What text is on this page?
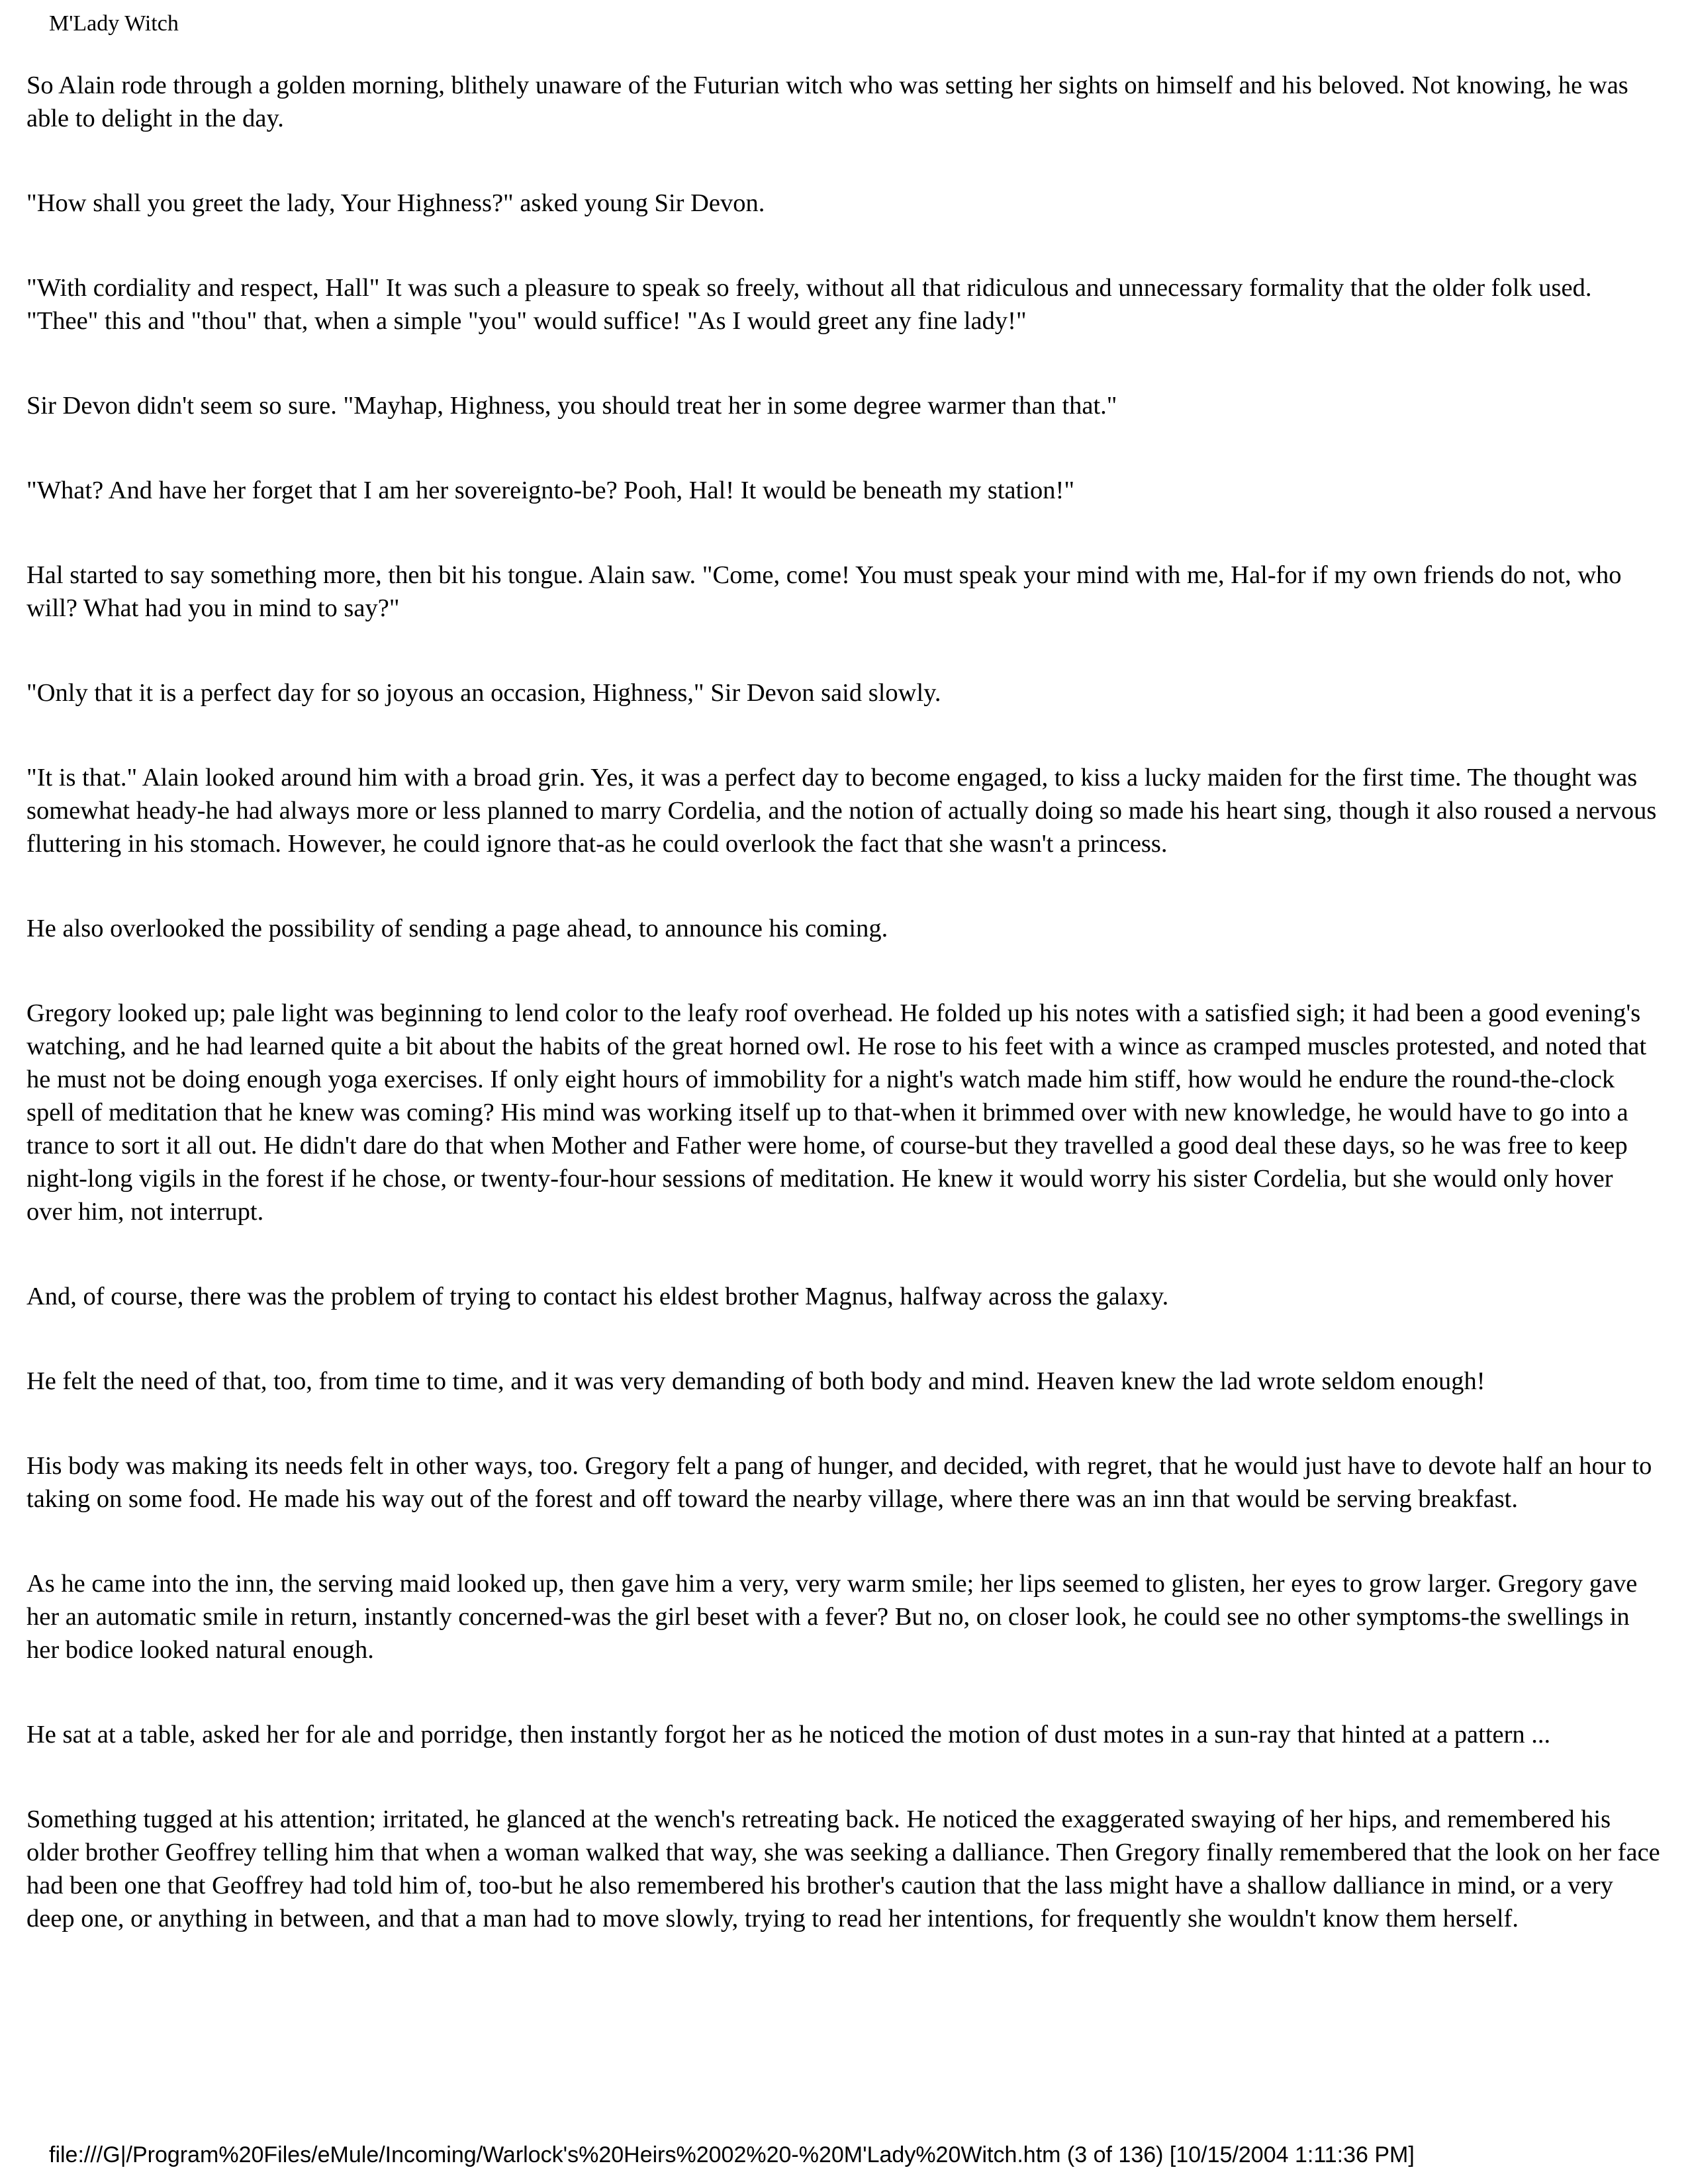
M'Lady Witch

So Alain rode through a golden morning, blithely unaware of the Futurian witch who was setting her sights on himself and his beloved. Not knowing, he was able to delight in the day.

"How shall you greet the lady, Your Highness?" asked young Sir Devon.

"With cordiality and respect, Hall" It was such a pleasure to speak so freely, without all that ridiculous and unnecessary formality that the older folk used. "Thee" this and "thou" that, when a simple "you" would suffice! "As I would greet any fine lady!"

Sir Devon didn't seem so sure. "Mayhap, Highness, you should treat her in some degree warmer than that."

"What? And have her forget that I am her sovereignto-be? Pooh, Hal! It would be beneath my station!"

Hal started to say something more, then bit his tongue. Alain saw. "Come, come! You must speak your mind with me, Hal-for if my own friends do not, who will? What had you in mind to say?"

"Only that it is a perfect day for so joyous an occasion, Highness," Sir Devon said slowly.

"It is that." Alain looked around him with a broad grin. Yes, it was a perfect day to become engaged, to kiss a lucky maiden for the first time. The thought was somewhat heady-he had always more or less planned to marry Cordelia, and the notion of actually doing so made his heart sing, though it also roused a nervous fluttering in his stomach. However, he could ignore that-as he could overlook the fact that she wasn't a princess.

He also overlooked the possibility of sending a page ahead, to announce his coming.

Gregory looked up; pale light was beginning to lend color to the leafy roof overhead. He folded up his notes with a satisfied sigh; it had been a good evening's watching, and he had learned quite a bit about the habits of the great horned owl. He rose to his feet with a wince as cramped muscles protested, and noted that he must not be doing enough yoga exercises. If only eight hours of immobility for a night's watch made him stiff, how would he endure the round-the-clock spell of meditation that he knew was coming? His mind was working itself up to that-when it brimmed over with new knowledge, he would have to go into a trance to sort it all out. He didn't dare do that when Mother and Father were home, of course-but they travelled a good deal these days, so he was free to keep night-long vigils in the forest if he chose, or twenty-four-hour sessions of meditation. He knew it would worry his sister Cordelia, but she would only hover over him, not interrupt.

And, of course, there was the problem of trying to contact his eldest brother Magnus, halfway across the galaxy.

He felt the need of that, too, from time to time, and it was very demanding of both body and mind. Heaven knew the lad wrote seldom enough!

His body was making its needs felt in other ways, too. Gregory felt a pang of hunger, and decided, with regret, that he would just have to devote half an hour to taking on some food. He made his way out of the forest and off toward the nearby village, where there was an inn that would be serving breakfast.

As he came into the inn, the serving maid looked up, then gave him a very, very warm smile; her lips seemed to glisten, her eyes to grow larger. Gregory gave her an automatic smile in return, instantly concerned-was the girl beset with a fever? But no, on closer look, he could see no other symptoms-the swellings in her bodice looked natural enough.

He sat at a table, asked her for ale and porridge, then instantly forgot her as he noticed the motion of dust motes in a sun-ray that hinted at a pattern ...

Something tugged at his attention; irritated, he glanced at the wench's retreating back. He noticed the exaggerated swaying of her hips, and remembered his older brother Geoffrey telling him that when a woman walked that way, she was seeking a dalliance. Then Gregory finally remembered that the look on her face had been one that Geoffrey had told him of, too-but he also remembered his brother's caution that the lass might have a shallow dalliance in mind, or a very deep one, or anything in between, and that a man had to move slowly, trying to read her intentions, for frequently she wouldn't know them herself.

file:///G|/Program%20Files/eMule/Incoming/Warlock's%20Heirs%2002%20-%20M'Lady%20Witch.htm (3 of 136) [10/15/2004 1:11:36 PM]
